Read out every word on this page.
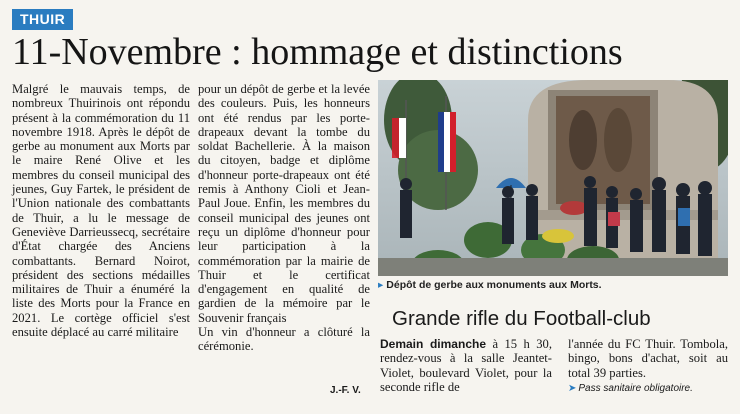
THUIR
11-Novembre : hommage et distinctions

Malgré le mauvais temps, de nombreux Thuirinois ont répondu présent à la commémoration du 11 novembre 1918. Après le dépôt de gerbe au monument aux Morts par le maire René Olive et les membres du conseil municipal des jeunes, Guy Fartek, le président de l'Union nationale des combattants de Thuir, a lu le message de Geneviève Darrieussecq, secrétaire d'État chargée des Anciens combattants. Bernard Noirot, président des sections médailles militaires de Thuir a énuméré la liste des Morts pour la France en 2021. Le cortège officiel s'est ensuite déplacé au carré militaire

pour un dépôt de gerbe et la levée des couleurs. Puis, les honneurs ont été rendus par les porte-drapeaux devant la tombe du soldat Bachellerie. À la maison du citoyen, badge et diplôme d'honneur porte-drapeaux ont été remis à Anthony Cioli et Jean-Paul Joue. Enfin, les membres du conseil municipal des jeunes ont reçu un diplôme d'honneur pour leur participation à la commémoration par la mairie de Thuir et le certificat d'engagement en qualité de gardien de la mémoire par le Souvenir français

Un vin d'honneur a clôturé la cérémonie.

J.-F. V.
▸ Dépôt de gerbe aux monuments aux Morts.
Grande rifle du Football-club

Demain dimanche à 15 h 30, rendez-vous à la salle Jeantet-Violet, boulevard Violet, pour la seconde rifle de

l'année du FC Thuir. Tombola, bingo, bons d'achat, soit au total 39 parties.

➤ Pass sanitaire obligatoire.
